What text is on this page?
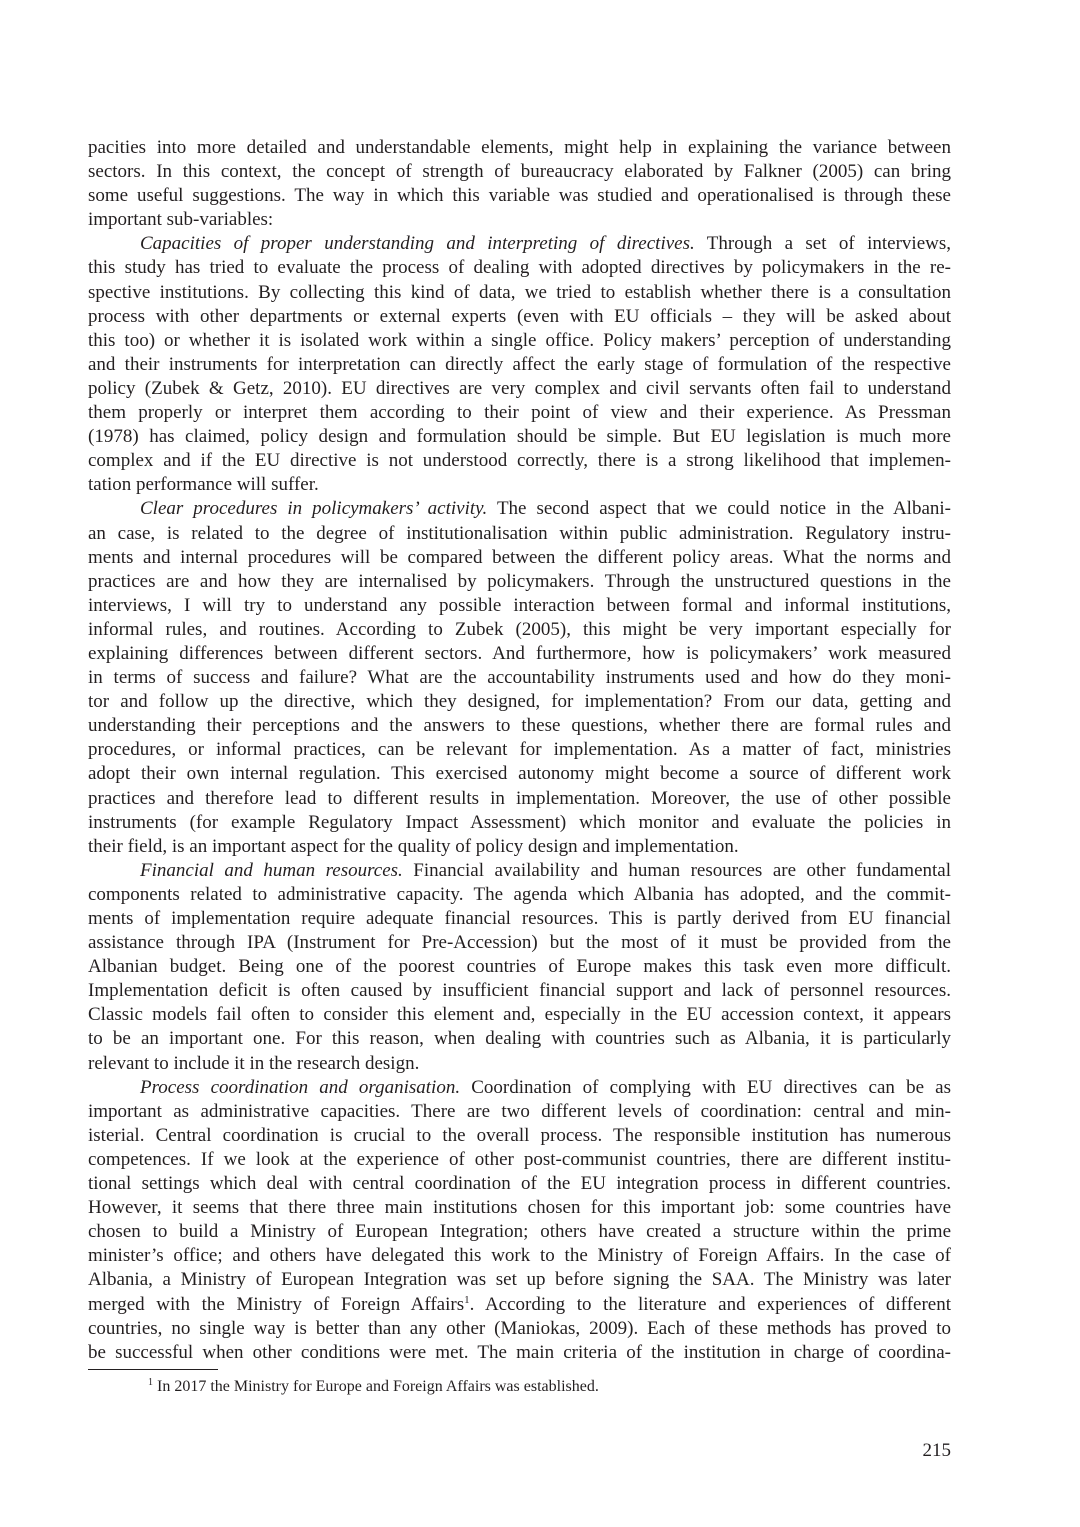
pacities into more detailed and understandable elements, might help in explaining the variance between
sectors. In this context, the concept of strength of bureaucracy elaborated by Falkner (2005) can bring
some useful suggestions. The way in which this variable was studied and operationalised is through these
important sub-variables:
Capacities of proper understanding and interpreting of directives. Through a set of interviews,
this study has tried to evaluate the process of dealing with adopted directives by policymakers in the re-
spective institutions. By collecting this kind of data, we tried to establish whether there is a consultation
process with other departments or external experts (even with EU officials – they will be asked about
this too) or whether it is isolated work within a single office. Policy makers’ perception of understanding
and their instruments for interpretation can directly affect the early stage of formulation of the respective
policy (Zubek & Getz, 2010). EU directives are very complex and civil servants often fail to understand
them properly or interpret them according to their point of view and their experience. As Pressman
(1978) has claimed, policy design and formulation should be simple. But EU legislation is much more
complex and if the EU directive is not understood correctly, there is a strong likelihood that implemen-
tation performance will suffer.
Clear procedures in policymakers’ activity. The second aspect that we could notice in the Albani-
an case, is related to the degree of institutionalisation within public administration. Regulatory instru-
ments and internal procedures will be compared between the different policy areas. What the norms and
practices are and how they are internalised by policymakers. Through the unstructured questions in the
interviews, I will try to understand any possible interaction between formal and informal institutions,
informal rules, and routines. According to Zubek (2005), this might be very important especially for
explaining differences between different sectors. And furthermore, how is policymakers’ work measured
in terms of success and failure? What are the accountability instruments used and how do they moni-
tor and follow up the directive, which they designed, for implementation? From our data, getting and
understanding their perceptions and the answers to these questions, whether there are formal rules and
procedures, or informal practices, can be relevant for implementation. As a matter of fact, ministries
adopt their own internal regulation. This exercised autonomy might become a source of different work
practices and therefore lead to different results in implementation. Moreover, the use of other possible
instruments (for example Regulatory Impact Assessment) which monitor and evaluate the policies in
their field, is an important aspect for the quality of policy design and implementation.
Financial and human resources. Financial availability and human resources are other fundamental
components related to administrative capacity. The agenda which Albania has adopted, and the commit-
ments of implementation require adequate financial resources. This is partly derived from EU financial
assistance through IPA (Instrument for Pre-Accession) but the most of it must be provided from the
Albanian budget. Being one of the poorest countries of Europe makes this task even more difficult.
Implementation deficit is often caused by insufficient financial support and lack of personnel resources.
Classic models fail often to consider this element and, especially in the EU accession context, it appears
to be an important one. For this reason, when dealing with countries such as Albania, it is particularly
relevant to include it in the research design.
Process coordination and organisation. Coordination of complying with EU directives can be as
important as administrative capacities. There are two different levels of coordination: central and min-
isterial. Central coordination is crucial to the overall process. The responsible institution has numerous
competences. If we look at the experience of other post-communist countries, there are different institu-
tional settings which deal with central coordination of the EU integration process in different countries.
However, it seems that there three main institutions chosen for this important job: some countries have
chosen to build a Ministry of European Integration; others have created a structure within the prime
minister’s office; and others have delegated this work to the Ministry of Foreign Affairs. In the case of
Albania, a Ministry of European Integration was set up before signing the SAA. The Ministry was later
merged with the Ministry of Foreign Affairs$^1$. According to the literature and experiences of different
countries, no single way is better than any other (Maniokas, 2009). Each of these methods has proved to
be successful when other conditions were met. The main criteria of the institution in charge of coordina-
$^1$ In 2017 the Ministry for Europe and Foreign Affairs was established.
215
